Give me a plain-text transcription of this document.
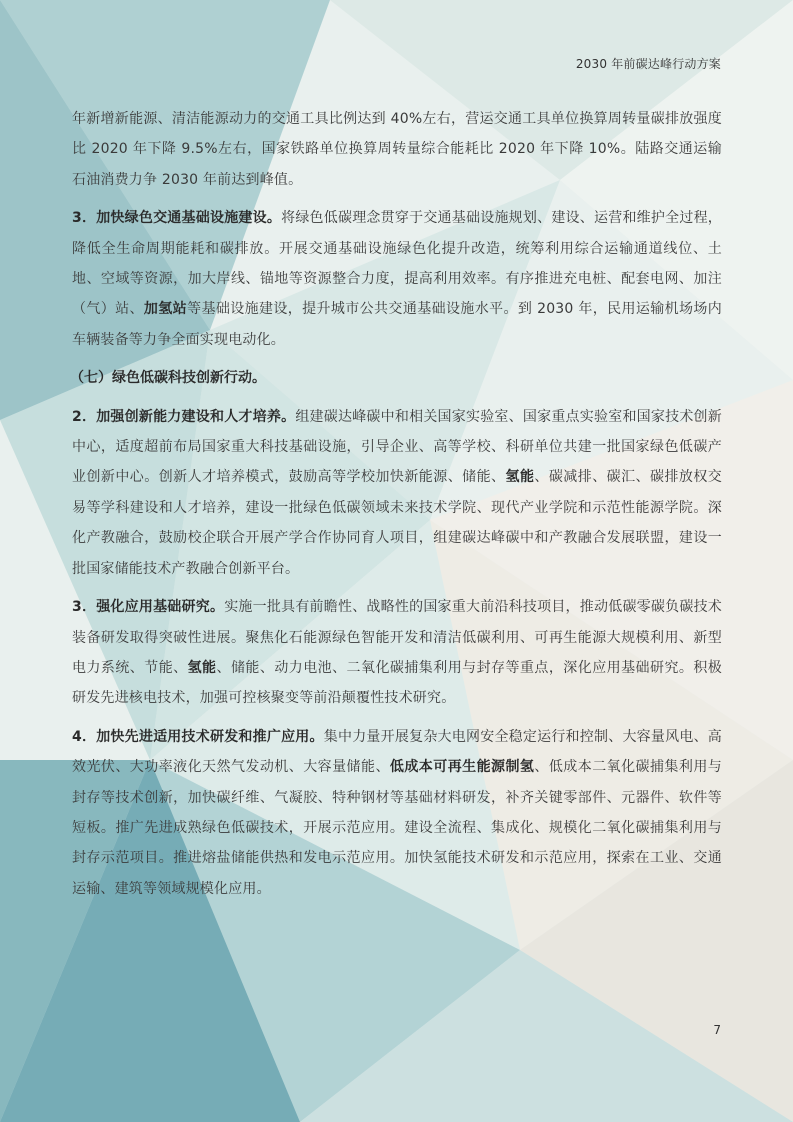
2030 年前碳达峰行动方案

年新增新能源、清洁能源动力的交通工具比例达到 40%左右，营运交通工具单位换算周转量碳排放强度比 2020 年下降 9.5%左右，国家铁路单位换算周转量综合能耗比 2020 年下降 10%。陆路交通运输石油消费力争 2030 年前达到峰值。

3．加快绿色交通基础设施建设。将绿色低碳理念贯穿于交通基础设施规划、建设、运营和维护全过程，降低全生命周期能耗和碳排放。开展交通基础设施绿色化提升改造，统筹利用综合运输通道线位、土地、空域等资源，加大岸线、锚地等资源整合力度，提高利用效率。有序推进充电桩、配套电网、加注（气）站、加氢站等基础设施建设，提升城市公共交通基础设施水平。到 2030 年，民用运输机场场内车辆装备等力争全面实现电动化。

（七）绿色低碳科技创新行动。

2．加强创新能力建设和人才培养。组建碳达峰碳中和相关国家实验室、国家重点实验室和国家技术创新中心，适度超前布局国家重大科技基础设施，引导企业、高等学校、科研单位共建一批国家绿色低碳产业创新中心。创新人才培养模式，鼓励高等学校加快新能源、储能、氢能、碳减排、碳汇、碳排放权交易等学科建设和人才培养，建设一批绿色低碳领域未来技术学院、现代产业学院和示范性能源学院。深化产教融合，鼓励校企联合开展产学合作协同育人项目，组建碳达峰碳中和产教融合发展联盟，建设一批国家储能技术产教融合创新平台。

3．强化应用基础研究。实施一批具有前瞻性、战略性的国家重大前沿科技项目，推动低碳零碳负碳技术装备研发取得突破性进展。聚焦化石能源绿色智能开发和清洁低碳利用、可再生能源大规模利用、新型电力系统、节能、氢能、储能、动力电池、二氧化碳捕集利用与封存等重点，深化应用基础研究。积极研发先进核电技术，加强可控核聚变等前沿颠覆性技术研究。

4．加快先进适用技术研发和推广应用。集中力量开展复杂大电网安全稳定运行和控制、大容量风电、高效光伏、大功率液化天然气发动机、大容量储能、低成本可再生能源制氢、低成本二氧化碳捕集利用与封存等技术创新，加快碳纤维、气凝胶、特种钢材等基础材料研发，补齐关键零部件、元器件、软件等短板。推广先进成熟绿色低碳技术，开展示范应用。建设全流程、集成化、规模化二氧化碳捕集利用与封存示范项目。推进熔盐储能供热和发电示范应用。加快氢能技术研发和示范应用，探索在工业、交通运输、建筑等领域规模化应用。

7
